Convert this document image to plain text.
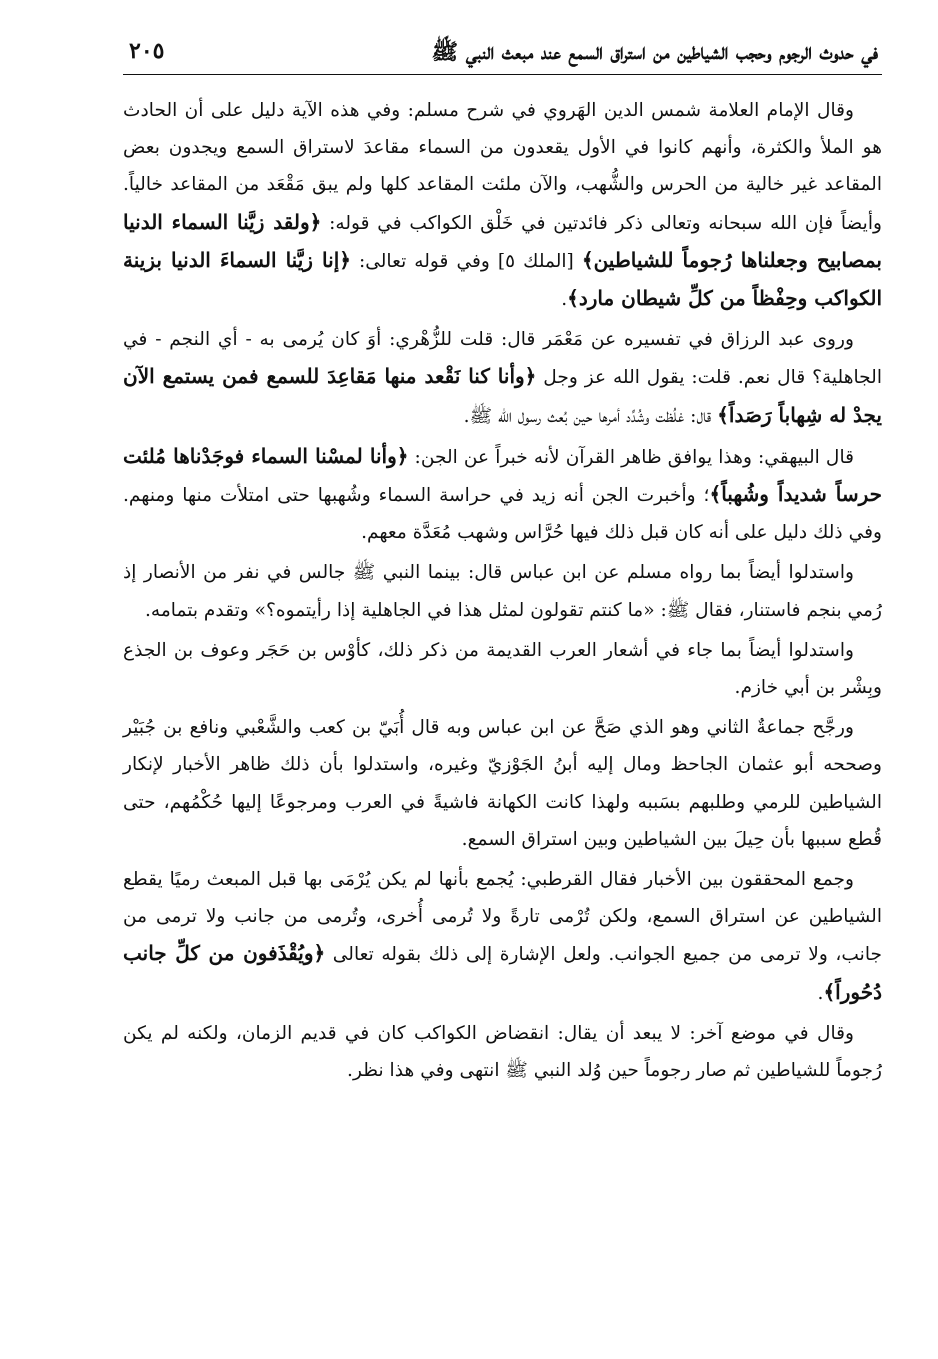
في حدوث الرجوم وحجب الشياطين من استراق السمع عند مبعث النبي ﷺ
٢٠٥

وقال الإمام العلامة شمس الدين الهَروي في شرح مسلم: وفي هذه الآية دليل على أن الحادث هو الملأ والكثرة، وأنهم كانوا في الأول يقعدون من السماء مقاعدَ لاستراق السمع ويجدون بعض المقاعد غير خالية من الحرس والشُّهب، والآن ملئت المقاعد كلها ولم يبق مَقْعَد من المقاعد خالياً. وأيضاً فإن الله سبحانه وتعالى ذكر فائدتين في خَلْق الكواكب في قوله: ﴿ولقد زيَّنا السماء الدنيا بمصابيح وجعلناها رُجوماً للشياطين﴾ [الملك ٥] وفي قوله تعالى: ﴿إنا زيَّنا السماءَ الدنيا بزينة الكواكب وحِفْظاً من كلِّ شيطان مارد﴾.

وروى عبد الرزاق في تفسيره عن مَعْمَر قال: قلت للزُّهْري: أوَ كان يُرمى به - أي النجم - في الجاهلية؟ قال نعم. قلت: يقول الله عز وجل ﴿وأنا كنا نَقْعد منها مَقاعِدَ للسمع فمن يستمع الآن يجدْ له شِهاباً رَصَداً﴾ قال: غلُظت وشُدِّد أمرها حين بُعث رسول الله ﷺ.

قال البيهقي: وهذا يوافق ظاهر القرآن لأنه خبراً عن الجن: ﴿وأنا لمسْنا السماء فوجَدْناها مُلئت حرساً شديداً وشُهباً﴾؛ وأخبرت الجن أنه زيد في حراسة السماء وشُهبها حتى امتلأت منها ومنهم. وفي ذلك دليل على أنه كان قبل ذلك فيها حُرَّاس وشهب مُعَدَّة معهم.

واستدلوا أيضاً بما رواه مسلم عن ابن عباس قال: بينما النبي ﷺ جالس في نفر من الأنصار إذ رُمي بنجم فاستنار، فقال ﷺ: «ما كنتم تقولون لمثل هذا في الجاهلية إذا رأيتموه؟» وتقدم بتمامه.

واستدلوا أيضاً بما جاء في أشعار العرب القديمة من ذكر ذلك، كأوْس بن حَجَر وعوف بن الجذع وبِشْر بن أبي خازم.

ورجَّح جماعةٌ الثاني وهو الذي صَحَّ عن ابن عباس وبه قال أُبَيّ بن كعب والشَّعْبي ونافع بن جُبَيْر وصححه أبو عثمان الجاحظ ومال إليه أبنُ الجَوْزيّ وغيره، واستدلوا بأن ذلك ظاهر الأخبار لإنكار الشياطين للرمي وطلبهم بسَببه ولهذا كانت الكهانة فاشيةً في العرب ومرجوعًا إليها حُكْمُهم، حتى قُطع سببها بأن حِيلَ بين الشياطين وبين استراق السمع.

وجمع المحققون بين الأخبار فقال القرطبي: يُجمع بأنها لم يكن يُرْمَى بها قبل المبعث رميًا يقطع الشياطين عن استراق السمع، ولكن تُرْمى تارةً ولا تُرمى أُخرى، وتُرمى من جانب ولا ترمى من جانب، ولا ترمى من جميع الجوانب. ولعل الإشارة إلى ذلك بقوله تعالى ﴿ويُقْذَفون من كلِّ جانب دُحُوراً﴾.

وقال في موضع آخر: لا يبعد أن يقال: انقضاض الكواكب كان في قديم الزمان، ولكنه لم يكن رُجوماً للشياطين ثم صار رجوماً حين وُلد النبي ﷺ انتهى وفي هذا نظر.
